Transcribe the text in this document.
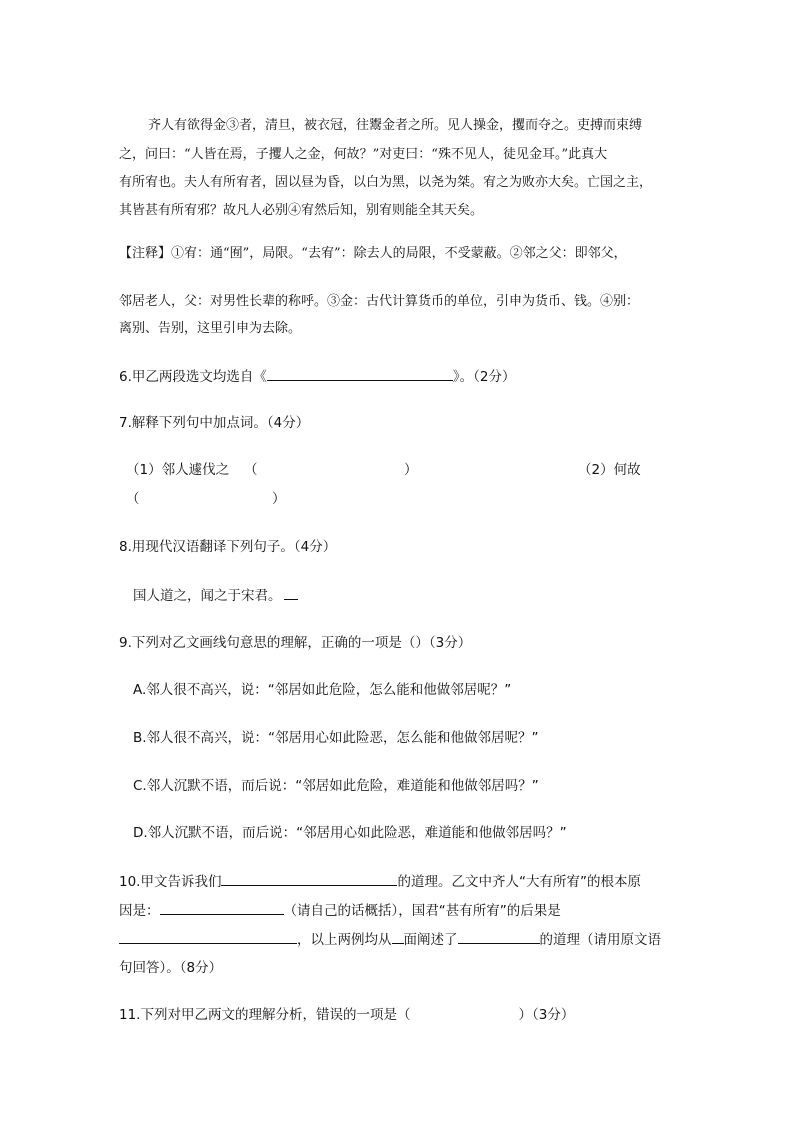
齐人有欲得金③者，清旦，被衣冠，往鬻金者之所。见人操金，攫而夺之。吏搏而束缚
之，问曰：“人皆在焉，子攫人之金，何故？”对吏曰：“殊不见人，徒见金耳。”此真大
有所宥也。夫人有所宥者，固以昼为昏，以白为黑，以尧为桀。宥之为败亦大矣。亡国之主，
其皆甚有所宥邪？故凡人必别④宥然后知，别宥则能全其天矣。
【注释】①宥：通“囿”，局限。“去宥”：除去人的局限，不受蒙蔽。②邻之父：即邻父，
邻居老人，父：对男性长辈的称呼。③金：古代计算货币的单位，引申为货币、钱。④别：
离别、告别，这里引申为去除。
6.甲乙两段选文均选自《	》。（2分）
7.解释下列句中加点词。（4分）
（1）邻人遽伐之 （	）	（2）何故
（	）
8.用现代汉语翻译下列句子。（4分）
国人道之，闻之于宋君。
9.下列对乙文画线句意思的理解，正确的一项是（）（3分）
A.邻人很不高兴，说：“邻居如此危险，怎么能和他做邻居呢？”
B.邻人很不高兴，说：“邻居用心如此险恶，怎么能和他做邻居呢？”
C.邻人沉默不语，而后说：“邻居如此危险，难道能和他做邻居吗？”
D.邻人沉默不语，而后说：“邻居用心如此险恶，难道能和他做邻居吗？”
10.甲文告诉我们	的道理。乙文中齐人“大有所宥”的根本原
因是：	（请自己的话概括），国君“甚有所宥”的后果是
，以上两例均从 面阐述了	的道理（请用原文语
句回答）。（8分）
11.下列对甲乙两文的理解分析，错误的一项是（	）（3分）
